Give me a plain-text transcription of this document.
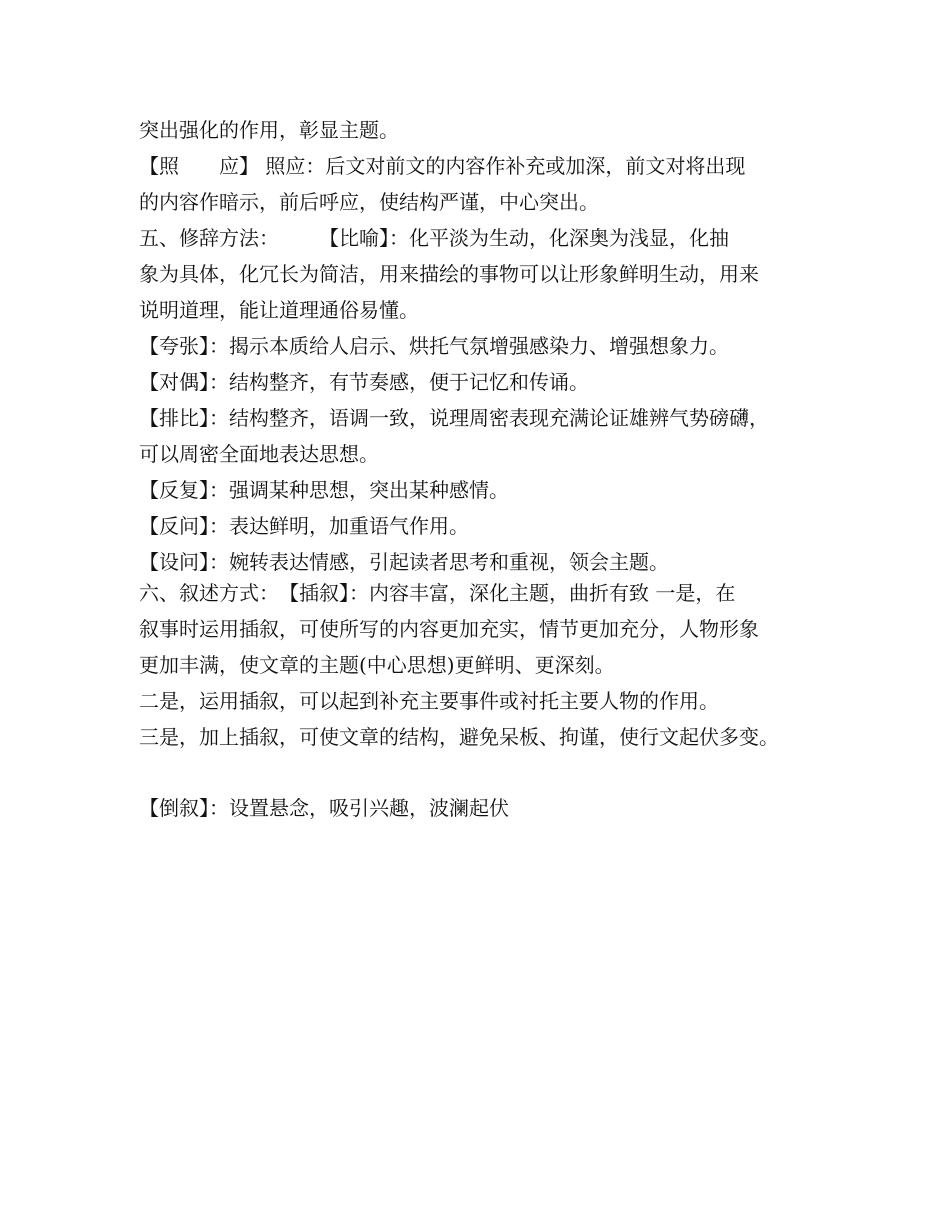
突出强化的作用，彰显主题。
【照　　应】 照应：后文对前文的内容作补充或加深，前文对将出现
的内容作暗示，前后呼应，使结构严谨，中心突出。
五、修辞方法：　　　【比喻】：化平淡为生动，化深奥为浅显，化抽
象为具体，化冗长为简洁，用来描绘的事物可以让形象鲜明生动，用来
说明道理，能让道理通俗易懂。
【夸张】：揭示本质给人启示、烘托气氛增强感染力、增强想象力。
【对偶】：结构整齐，有节奏感，便于记忆和传诵。
【排比】：结构整齐，语调一致，说理周密表现充满论证雄辨气势磅礴，
可以周密全面地表达思想。
【反复】：强调某种思想，突出某种感情。
【反问】：表达鲜明，加重语气作用。
【设问】：婉转表达情感，引起读者思考和重视，领会主题。
六、叙述方式：　【插叙】：内容丰富，深化主题，曲折有致 一是，在
叙事时运用插叙，可使所写的内容更加充实，情节更加充分，人物形象
更加丰满，使文章的主题(中心思想)更鲜明、更深刻。
二是，运用插叙，可以起到补充主要事件或衬托主要人物的作用。
三是，加上插叙，可使文章的结构，避免呆板、拘谨，使行文起伏多变。
【倒叙】：设置悬念，吸引兴趣，波澜起伏
